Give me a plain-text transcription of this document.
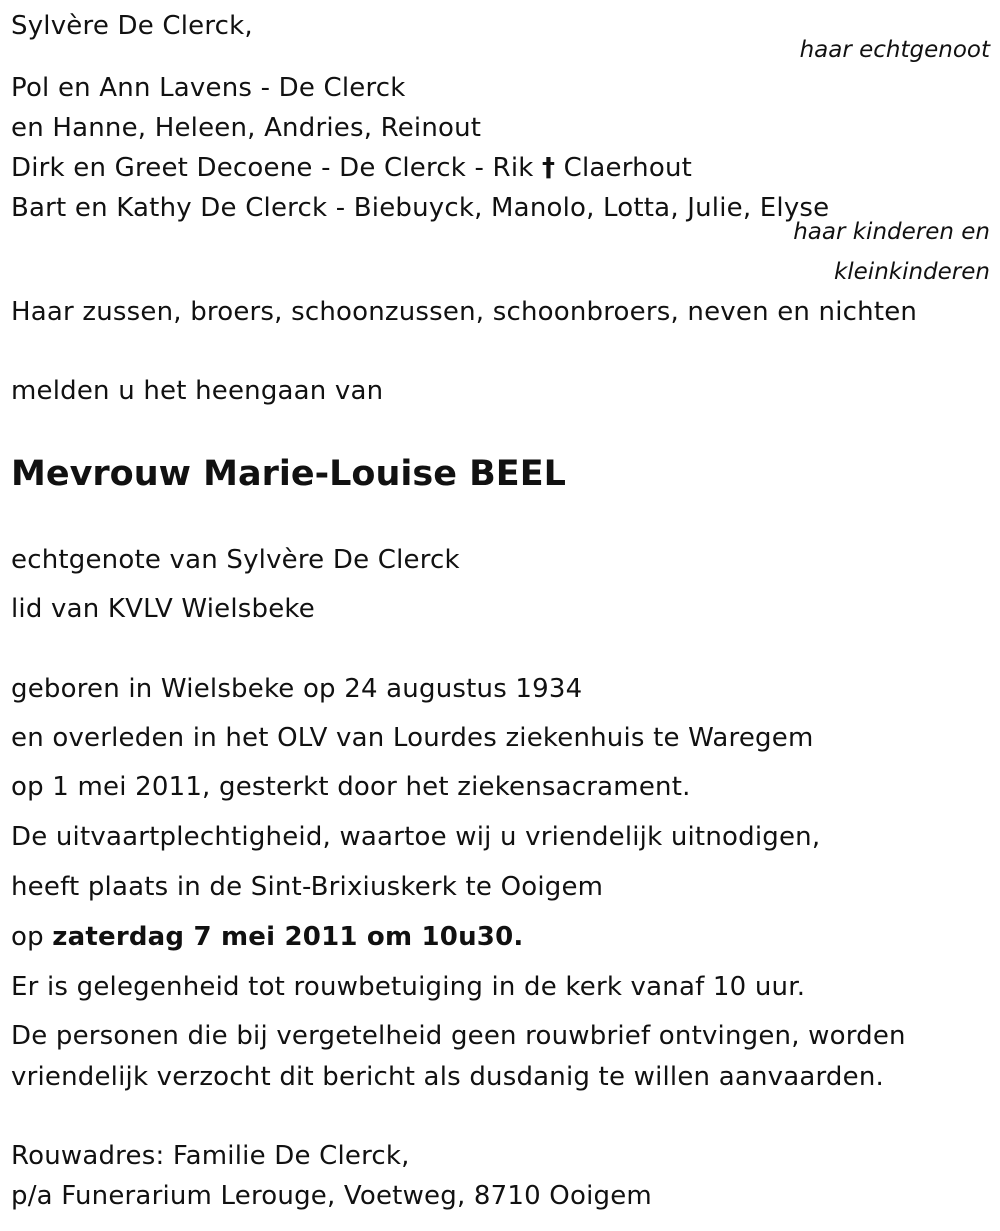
Sylvère De Clerck,
haar echtgenoot
Pol en Ann Lavens - De Clerck
en Hanne, Heleen, Andries, Reinout
Dirk en Greet Decoene - De Clerck - Rik † Claerhout
Bart en Kathy De Clerck - Biebuyck, Manolo, Lotta, Julie, Elyse
haar kinderen en
kleinkinderen
Haar zussen, broers, schoonzussen, schoonbroers, neven en nichten
melden u het heengaan van
Mevrouw Marie-Louise BEEL
echtgenote van Sylvère De Clerck
lid van KVLV Wielsbeke
geboren in Wielsbeke op 24 augustus 1934
en overleden in het OLV van Lourdes ziekenhuis te Waregem
op 1 mei 2011, gesterkt door het ziekensacrament.
De uitvaartplechtigheid, waartoe wij u vriendelijk uitnodigen,
heeft plaats in de Sint-Brixiuskerk te Ooigem
op zaterdag 7 mei 2011 om 10u30.
Er is gelegenheid tot rouwbetuiging in de kerk vanaf 10 uur.
De personen die bij vergetelheid geen rouwbrief ontvingen, worden
vriendelijk verzocht dit bericht als dusdanig te willen aanvaarden.
Rouwadres: Familie De Clerck,
p/a Funerarium Lerouge, Voetweg, 8710 Ooigem
